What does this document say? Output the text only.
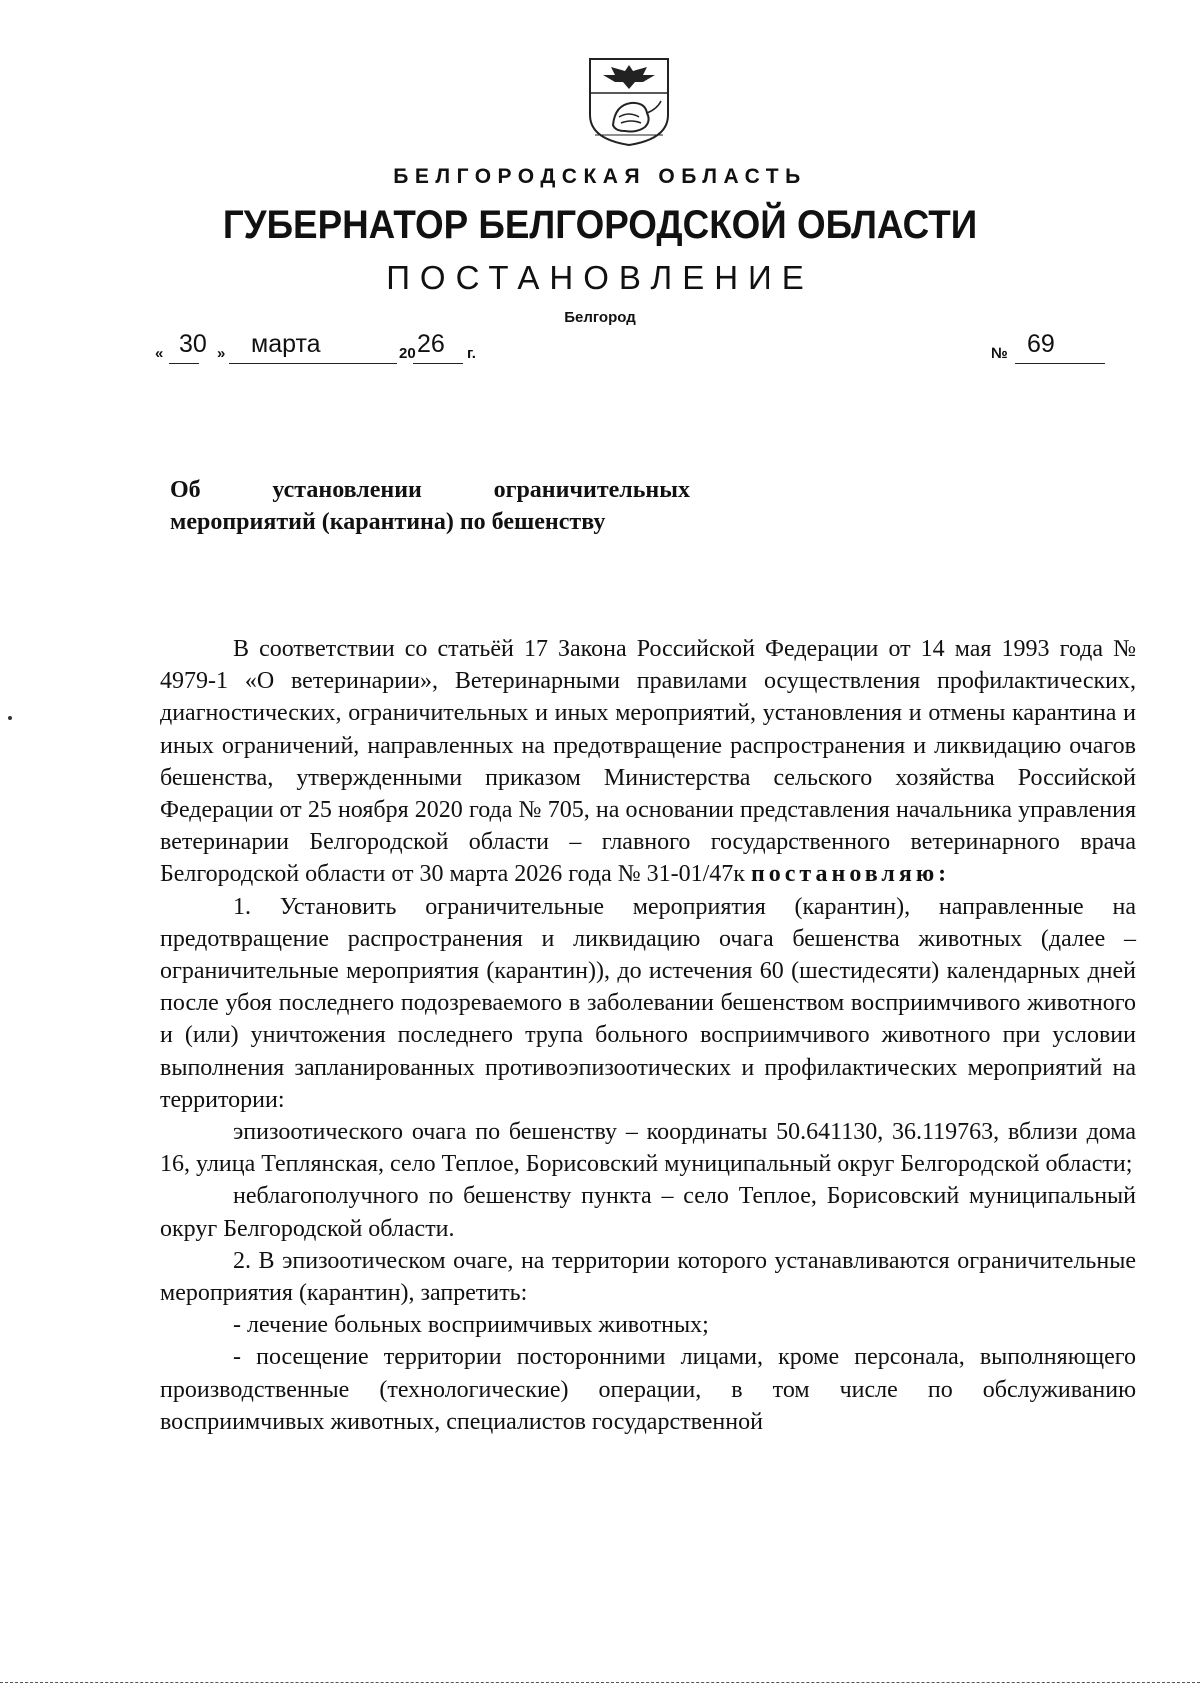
БЕЛГОРОДСКАЯ ОБЛАСТЬ
ГУБЕРНАТОР БЕЛГОРОДСКОЙ ОБЛАСТИ
ПОСТАНОВЛЕНИЕ
Белгород
« 30 » марта	20 26 г.	№ 69
Об	установлении	ограничительных
мероприятий (карантина) по бешенству

В соответствии со статьёй 17 Закона Российской Федерации от 14 мая 1993 года № 4979-1 «О ветеринарии», Ветеринарными правилами осуществления профилактических, диагностических, ограничительных и иных мероприятий, установления и отмены карантина и иных ограничений, направленных на предотвращение распространения и ликвидацию очагов бешенства, утвержденными приказом Министерства сельского хозяйства Российской Федерации от 25 ноября 2020 года № 705, на основании представления начальника управления ветеринарии Белгородской области – главного государственного ветеринарного врача Белгородской области от 30 марта 2026 года № 31-01/47к постановляю:

1. Установить ограничительные мероприятия (карантин), направленные на предотвращение распространения и ликвидацию очага бешенства животных (далее – ограничительные мероприятия (карантин)), до истечения 60 (шестидесяти) календарных дней после убоя последнего подозреваемого в заболевании бешенством восприимчивого животного и (или) уничтожения последнего трупа больного восприимчивого животного при условии выполнения запланированных противоэпизоотических и профилактических мероприятий на территории:

эпизоотического очага по бешенству – координаты 50.641130, 36.119763, вблизи дома 16, улица Теплянская, село Теплое, Борисовский муниципальный округ Белгородской области;

неблагополучного по бешенству пункта – село Теплое, Борисовский муниципальный округ Белгородской области.

2. В эпизоотическом очаге, на территории которого устанавливаются ограничительные мероприятия (карантин), запретить:

- лечение больных восприимчивых животных;

- посещение территории посторонними лицами, кроме персонала, выполняющего производственные (технологические) операции, в том числе по обслуживанию восприимчивых животных, специалистов государственной
